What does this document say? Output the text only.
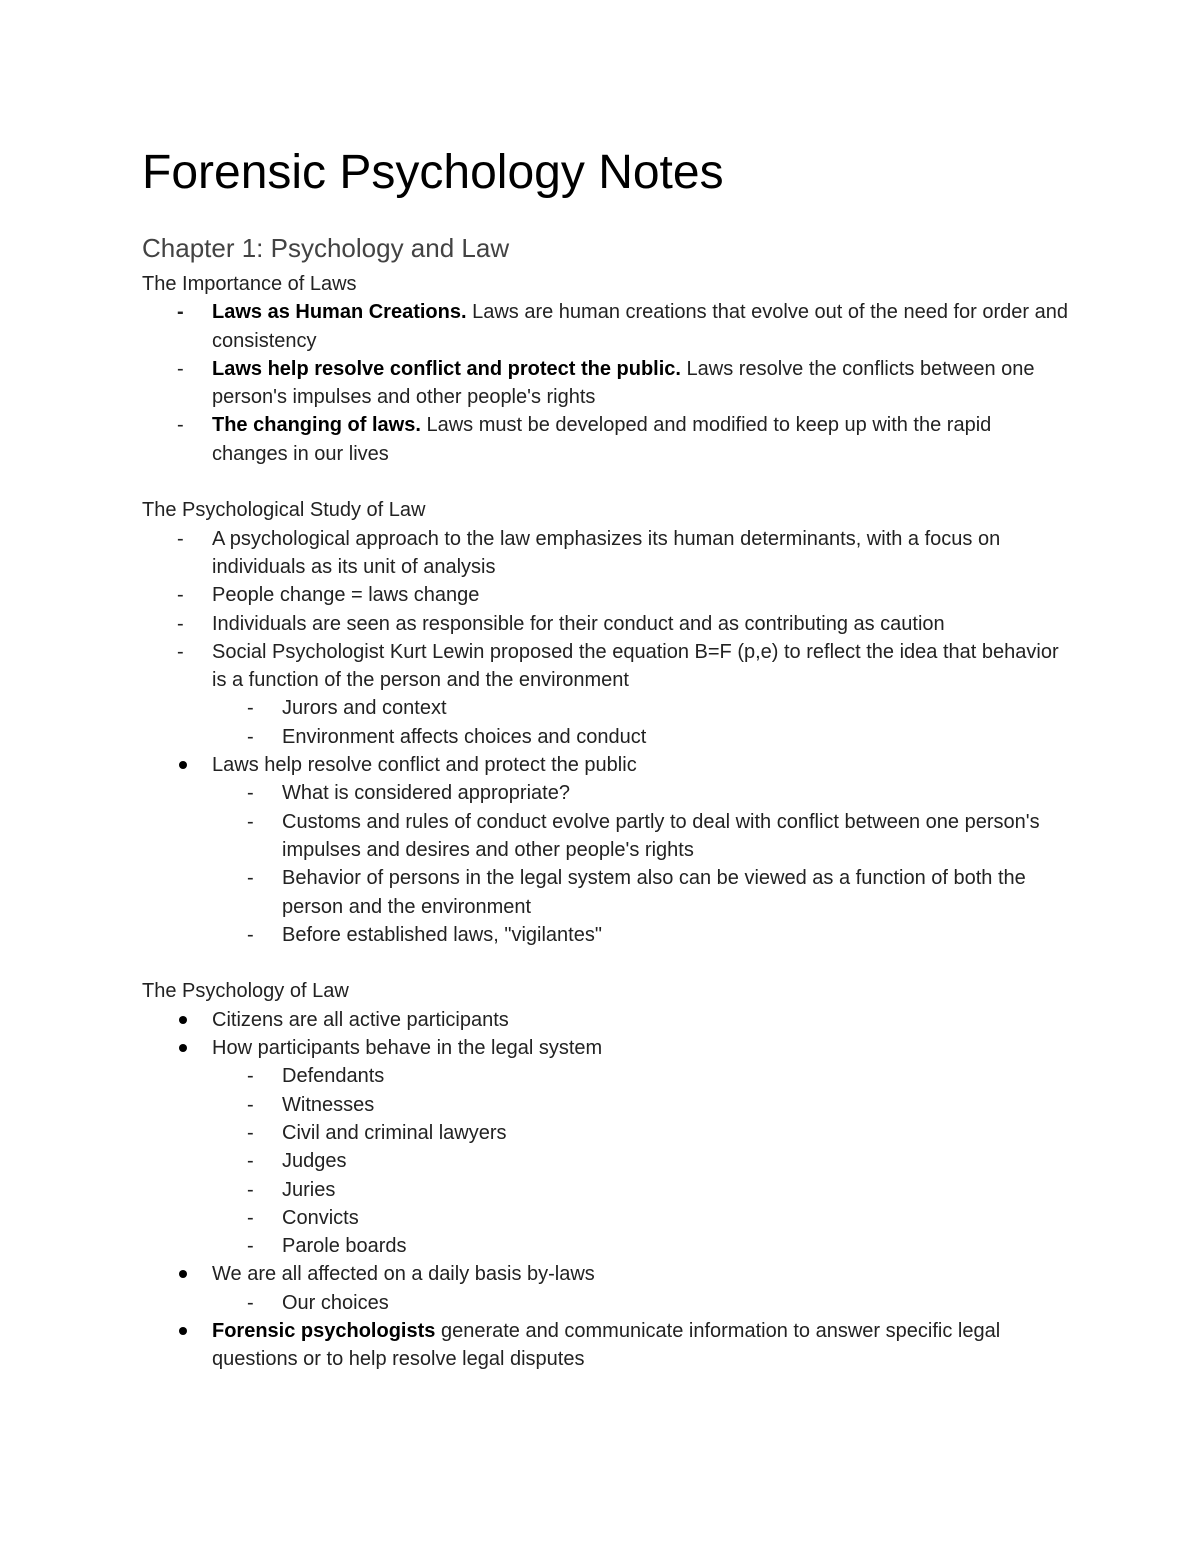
Forensic Psychology Notes
Chapter 1: Psychology and Law

The Importance of Laws

-	Laws as Human Creations. Laws are human creations that evolve out of the need for order and consistency
-	Laws help resolve conflict and protect the public. Laws resolve the conflicts between one person's impulses and other people's rights
-	The changing of laws. Laws must be developed and modified to keep up with the rapid changes in our lives

The Psychological Study of Law

-	A psychological approach to the law emphasizes its human determinants, with a focus on individuals as its unit of analysis
-	People change = laws change
-	Individuals are seen as responsible for their conduct and as contributing as caution
-	Social Psychologist Kurt Lewin proposed the equation B=F (p,e) to reflect the idea that behavior is a function of the person and the environment
-	Jurors and context
-	Environment affects choices and conduct
Laws help resolve conflict and protect the public
-	What is considered appropriate?
-	Customs and rules of conduct evolve partly to deal with conflict between one person's impulses and desires and other people's rights
-	Behavior of persons in the legal system also can be viewed as a function of both the person and the environment
-	Before established laws, "vigilantes"

The Psychology of Law

Citizens are all active participants
How participants behave in the legal system
-	Defendants
-	Witnesses
-	Civil and criminal lawyers
-	Judges
-	Juries
-	Convicts
-	Parole boards
We are all affected on a daily basis by-laws
-	Our choices
Forensic psychologists generate and communicate information to answer specific legal questions or to help resolve legal disputes
